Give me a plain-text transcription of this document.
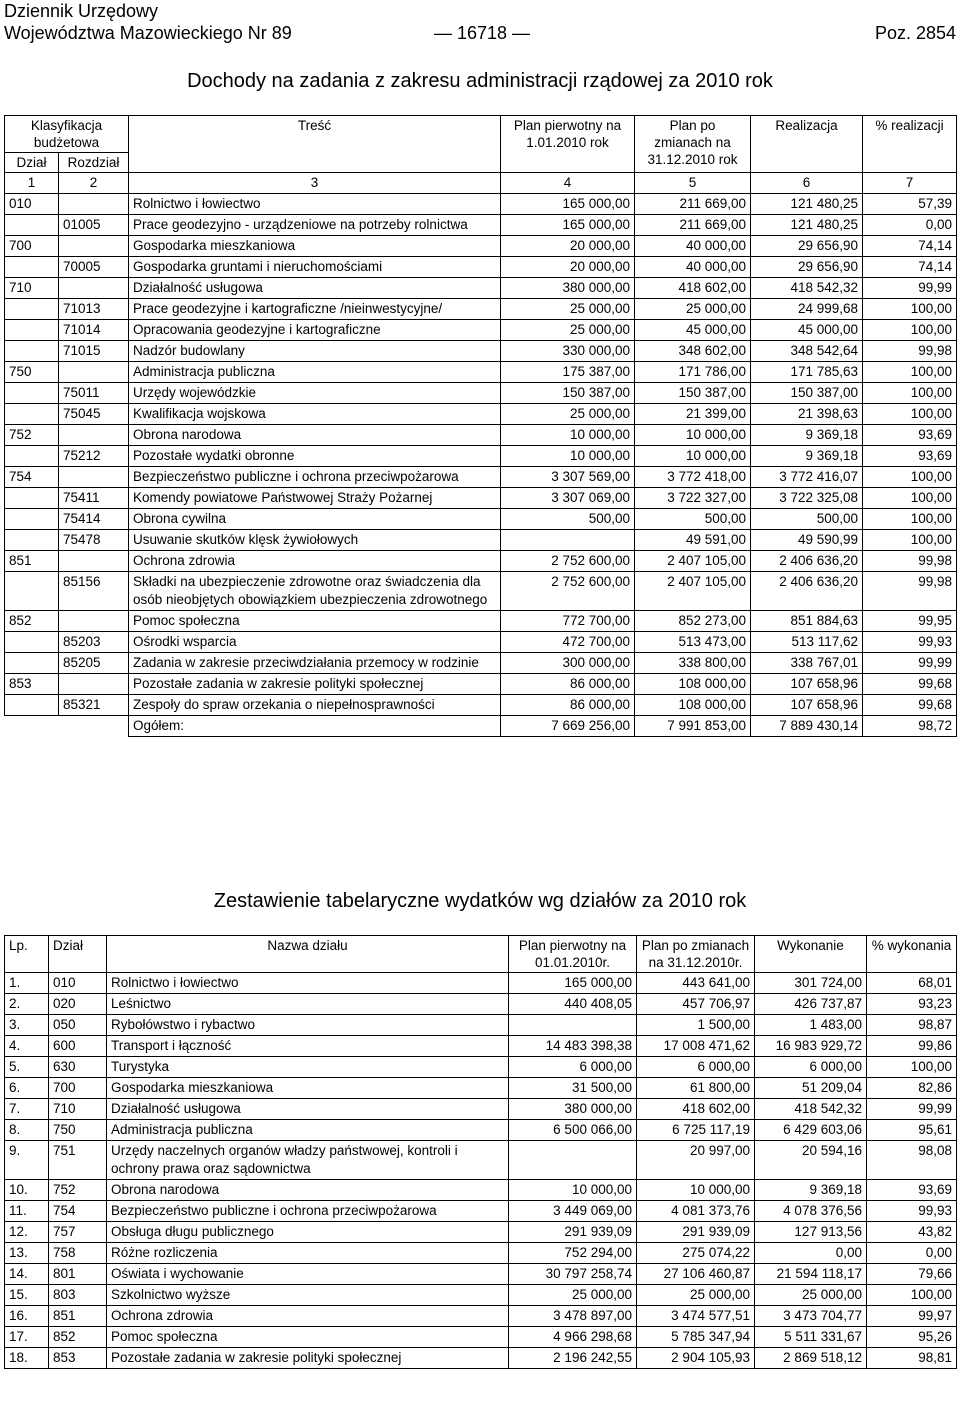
Dziennik Urzędowy
Województwa Mazowieckiego Nr 89	— 16718 —	Poz. 2854
Dochody na zadania z zakresu administracji rządowej za 2010 rok
Klasyfikacja budżetowa		Treść	Plan pierwotny na 1.01.2010 rok	Plan po zmianach na 31.12.2010 rok	Realizacja	% realizacji
Dział	Rozdział					
1	2	3	4	5	6	7
010		Rolnictwo i łowiectwo	165 000,00	211 669,00	121 480,25	57,39
	01005	Prace geodezyjno - urządzeniowe na potrzeby rolnictwa	165 000,00	211 669,00	121 480,25	0,00
700		Gospodarka mieszkaniowa	20 000,00	40 000,00	29 656,90	74,14
	70005	Gospodarka gruntami i nieruchomościami	20 000,00	40 000,00	29 656,90	74,14
710		Działalność usługowa	380 000,00	418 602,00	418 542,32	99,99
	71013	Prace geodezyjne i kartograficzne /nieinwestycyjne/	25 000,00	25 000,00	24 999,68	100,00
	71014	Opracowania geodezyjne i kartograficzne	25 000,00	45 000,00	45 000,00	100,00
	71015	Nadzór budowlany	330 000,00	348 602,00	348 542,64	99,98
750		Administracja publiczna	175 387,00	171 786,00	171 785,63	100,00
	75011	Urzędy wojewódzkie	150 387,00	150 387,00	150 387,00	100,00
	75045	Kwalifikacja wojskowa	25 000,00	21 399,00	21 398,63	100,00
752		Obrona narodowa	10 000,00	10 000,00	9 369,18	93,69
	75212	Pozostałe wydatki obronne	10 000,00	10 000,00	9 369,18	93,69
754		Bezpieczeństwo publiczne i ochrona przeciwpożarowa	3 307 569,00	3 772 418,00	3 772 416,07	100,00
	75411	Komendy powiatowe Państwowej Straży Pożarnej	3 307 069,00	3 722 327,00	3 722 325,08	100,00
	75414	Obrona cywilna	500,00	500,00	500,00	100,00
	75478	Usuwanie skutków klęsk żywiołowych		49 591,00	49 590,99	100,00
851		Ochrona zdrowia	2 752 600,00	2 407 105,00	2 406 636,20	99,98
	85156	Składki na ubezpieczenie zdrowotne oraz świadczenia dla osób nieobjętych obowiązkiem ubezpieczenia zdrowotnego	2 752 600,00	2 407 105,00	2 406 636,20	99,98
852		Pomoc społeczna	772 700,00	852 273,00	851 884,63	99,95
	85203	Ośrodki wsparcia	472 700,00	513 473,00	513 117,62	99,93
	85205	Zadania w zakresie przeciwdziałania przemocy w rodzinie	300 000,00	338 800,00	338 767,01	99,99
853		Pozostałe zadania w zakresie polityki społecznej	86 000,00	108 000,00	107 658,96	99,68
	85321	Zespoły do spraw orzekania o niepełnosprawności	86 000,00	108 000,00	107 658,96	99,68
		Ogółem:	7 669 256,00	7 991 853,00	7 889 430,14	98,72
Zestawienie tabelaryczne wydatków wg działów za 2010 rok
Lp.	Dział	Nazwa działu	Plan pierwotny na 01.01.2010r.	Plan po zmianach na 31.12.2010r.	Wykonanie	% wykonania
1.	010	Rolnictwo i łowiectwo	165 000,00	443 641,00	301 724,00	68,01
2.	020	Leśnictwo	440 408,05	457 706,97	426 737,87	93,23
3.	050	Rybołówstwo i rybactwo		1 500,00	1 483,00	98,87
4.	600	Transport i łączność	14 483 398,38	17 008 471,62	16 983 929,72	99,86
5.	630	Turystyka	6 000,00	6 000,00	6 000,00	100,00
6.	700	Gospodarka mieszkaniowa	31 500,00	61 800,00	51 209,04	82,86
7.	710	Działalność usługowa	380 000,00	418 602,00	418 542,32	99,99
8.	750	Administracja publiczna	6 500 066,00	6 725 117,19	6 429 603,06	95,61
9.	751	Urzędy naczelnych organów władzy państwowej, kontroli i ochrony prawa oraz sądownictwa		20 997,00	20 594,16	98,08
10.	752	Obrona narodowa	10 000,00	10 000,00	9 369,18	93,69
11.	754	Bezpieczeństwo publiczne i ochrona przeciwpożarowa	3 449 069,00	4 081 373,76	4 078 376,56	99,93
12.	757	Obsługa długu publicznego	291 939,09	291 939,09	127 913,56	43,82
13.	758	Różne rozliczenia	752 294,00	275 074,22	0,00	0,00
14.	801	Oświata i wychowanie	30 797 258,74	27 106 460,87	21 594 118,17	79,66
15.	803	Szkolnictwo wyższe	25 000,00	25 000,00	25 000,00	100,00
16.	851	Ochrona zdrowia	3 478 897,00	3 474 577,51	3 473 704,77	99,97
17.	852	Pomoc społeczna	4 966 298,68	5 785 347,94	5 511 331,67	95,26
18.	853	Pozostałe zadania w zakresie polityki społecznej	2 196 242,55	2 904 105,93	2 869 518,12	98,81
